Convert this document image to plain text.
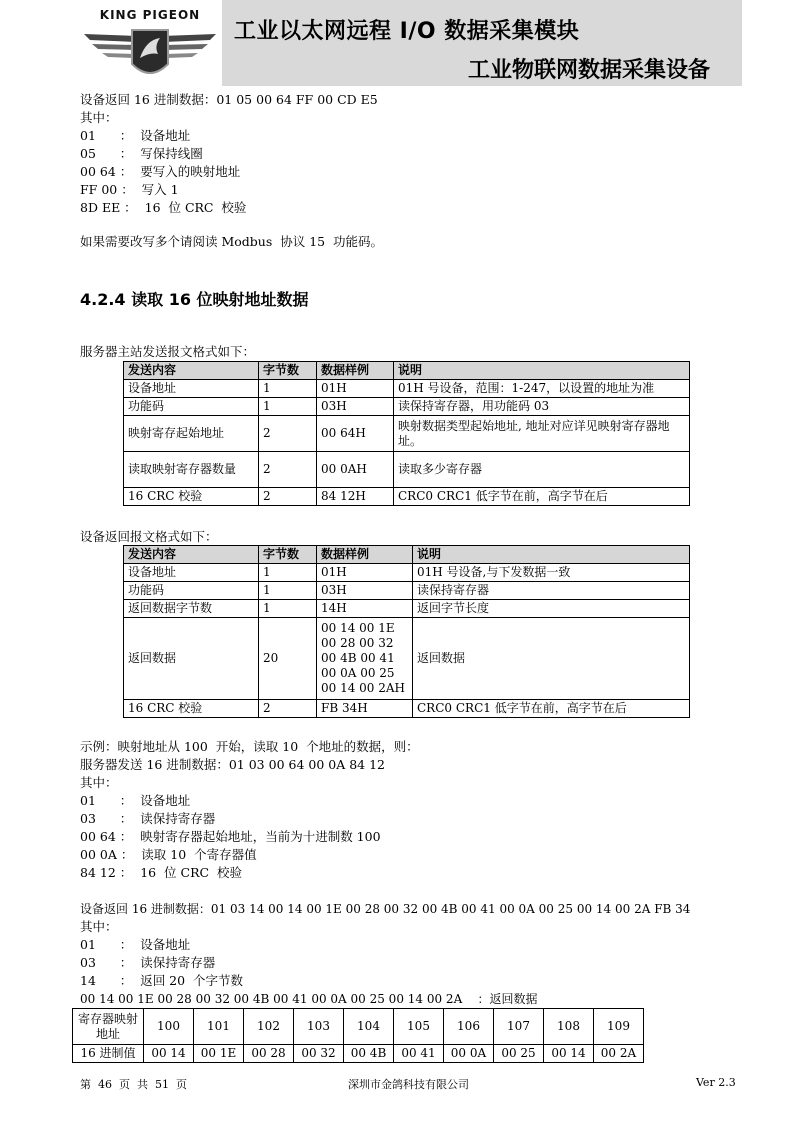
KING PIGEON
工业以太网远程 I/O 数据采集模块
工业物联网数据采集设备
设备返回 16 进制数据：01 05 00 64 FF 00 CD E5
其中：
01      ：  设备地址
05      ：  写保持线圈
00 64 ：  要写入的映射地址
FF 00 ：  写入 1
8D EE ：  16  位 CRC  校验
如果需要改写多个请阅读 Modbus  协议 15  功能码。
4.2.4 读取 16 位映射地址数据
服务器主站发送报文格式如下：
发送内容	字节数	数据样例	说明
设备地址	1	01H	01H 号设备，范围：1-247，以设置的地址为准
功能码	1	03H	读保持寄存器，用功能码 03
映射寄存起始地址	2	00 64H	映射数据类型起始地址, 地址对应详见映射寄存器地址。
读取映射寄存器数量	2	00 0AH	读取多少寄存器
16 CRC 校验	2	84 12H	CRC0 CRC1 低字节在前，高字节在后
设备返回报文格式如下：
发送内容	字节数	数据样例	说明
设备地址	1	01H	01H 号设备,与下发数据一致
功能码	1	03H	读保持寄存器
返回数据字节数	1	14H	返回字节长度
返回数据	20	00 14 00 1E
00 28 00 32
00 4B 00 41
00 0A 00 25
00 14 00 2AH	返回数据
16 CRC 校验	2	FB 34H	CRC0 CRC1 低字节在前，高字节在后
示例：映射地址从 100  开始，读取 10  个地址的数据，则：
服务器发送 16 进制数据：01 03 00 64 00 0A 84 12
其中：
01      ：  设备地址
03      ：  读保持寄存器
00 64 ：  映射寄存器起始地址，当前为十进制数 100
00 0A ：  读取 10  个寄存器值
84 12 ：  16  位 CRC  校验
设备返回 16 进制数据：01 03 14 00 14 00 1E 00 28 00 32 00 4B 00 41 00 0A 00 25 00 14 00 2A FB 34
其中：
01      ：  设备地址
03      ：  读保持寄存器
14      ：  返回 20  个字节数
00 14 00 1E 00 28 00 32 00 4B 00 41 00 0A 00 25 00 14 00 2A    ：返回数据
寄存器映射地址	100	101	102	103	104	105	106	107	108	109
16 进制值	00 14	00 1E	00 28	00 32	00 4B	00 41	00 0A	00 25	00 14	00 2A
第  46  页  共  51  页	深圳市金鸽科技有限公司	Ver 2.3
